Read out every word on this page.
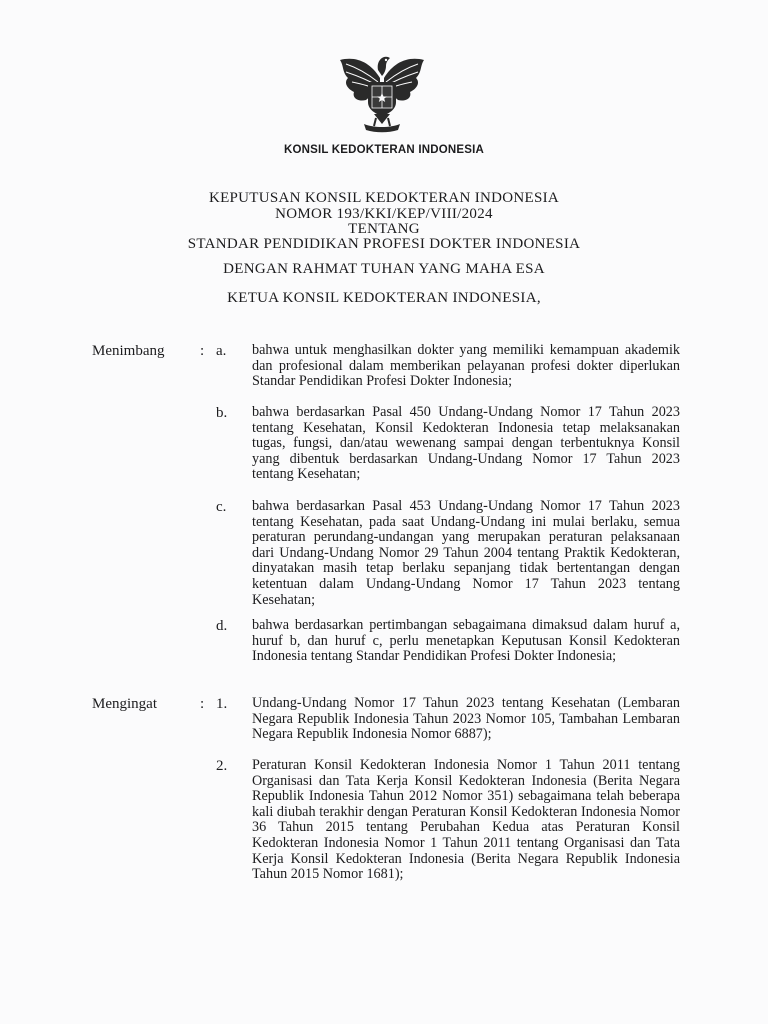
KONSIL KEDOKTERAN INDONESIA
KEPUTUSAN KONSIL KEDOKTERAN INDONESIA
NOMOR 193/KKI/KEP/VIII/2024
TENTANG
STANDAR PENDIDIKAN PROFESI DOKTER INDONESIA
DENGAN RAHMAT TUHAN YANG MAHA ESA
KETUA KONSIL KEDOKTERAN INDONESIA,
Menimbang : a. bahwa untuk menghasilkan dokter yang memiliki kemampuan akademik dan profesional dalam memberikan pelayanan profesi dokter diperlukan Standar Pendidikan Profesi Dokter Indonesia;
b. bahwa berdasarkan Pasal 450 Undang-Undang Nomor 17 Tahun 2023 tentang Kesehatan, Konsil Kedokteran Indonesia tetap melaksanakan tugas, fungsi, dan/atau wewenang sampai dengan terbentuknya Konsil yang dibentuk berdasarkan Undang-Undang Nomor 17 Tahun 2023 tentang Kesehatan;
c. bahwa berdasarkan Pasal 453 Undang-Undang Nomor 17 Tahun 2023 tentang Kesehatan, pada saat Undang-Undang ini mulai berlaku, semua peraturan perundang-undangan yang merupakan peraturan pelaksanaan dari Undang-Undang Nomor 29 Tahun 2004 tentang Praktik Kedokteran, dinyatakan masih tetap berlaku sepanjang tidak bertentangan dengan ketentuan dalam Undang-Undang Nomor 17 Tahun 2023 tentang Kesehatan;
d. bahwa berdasarkan pertimbangan sebagaimana dimaksud dalam huruf a, huruf b, dan huruf c, perlu menetapkan Keputusan Konsil Kedokteran Indonesia tentang Standar Pendidikan Profesi Dokter Indonesia;
Mengingat	: 1. Undang-Undang Nomor 17 Tahun 2023 tentang Kesehatan (Lembaran Negara Republik Indonesia Tahun 2023 Nomor 105, Tambahan Lembaran Negara Republik Indonesia Nomor 6887);
2. Peraturan Konsil Kedokteran Indonesia Nomor 1 Tahun 2011 tentang Organisasi dan Tata Kerja Konsil Kedokteran Indonesia (Berita Negara Republik Indonesia Tahun 2012 Nomor 351) sebagaimana telah beberapa kali diubah terakhir dengan Peraturan Konsil Kedokteran Indonesia Nomor 36 Tahun 2015 tentang Perubahan Kedua atas Peraturan Konsil Kedokteran Indonesia Nomor 1 Tahun 2011 tentang Organisasi dan Tata Kerja Konsil Kedokteran Indonesia (Berita Negara Republik Indonesia Tahun 2015 Nomor 1681);
